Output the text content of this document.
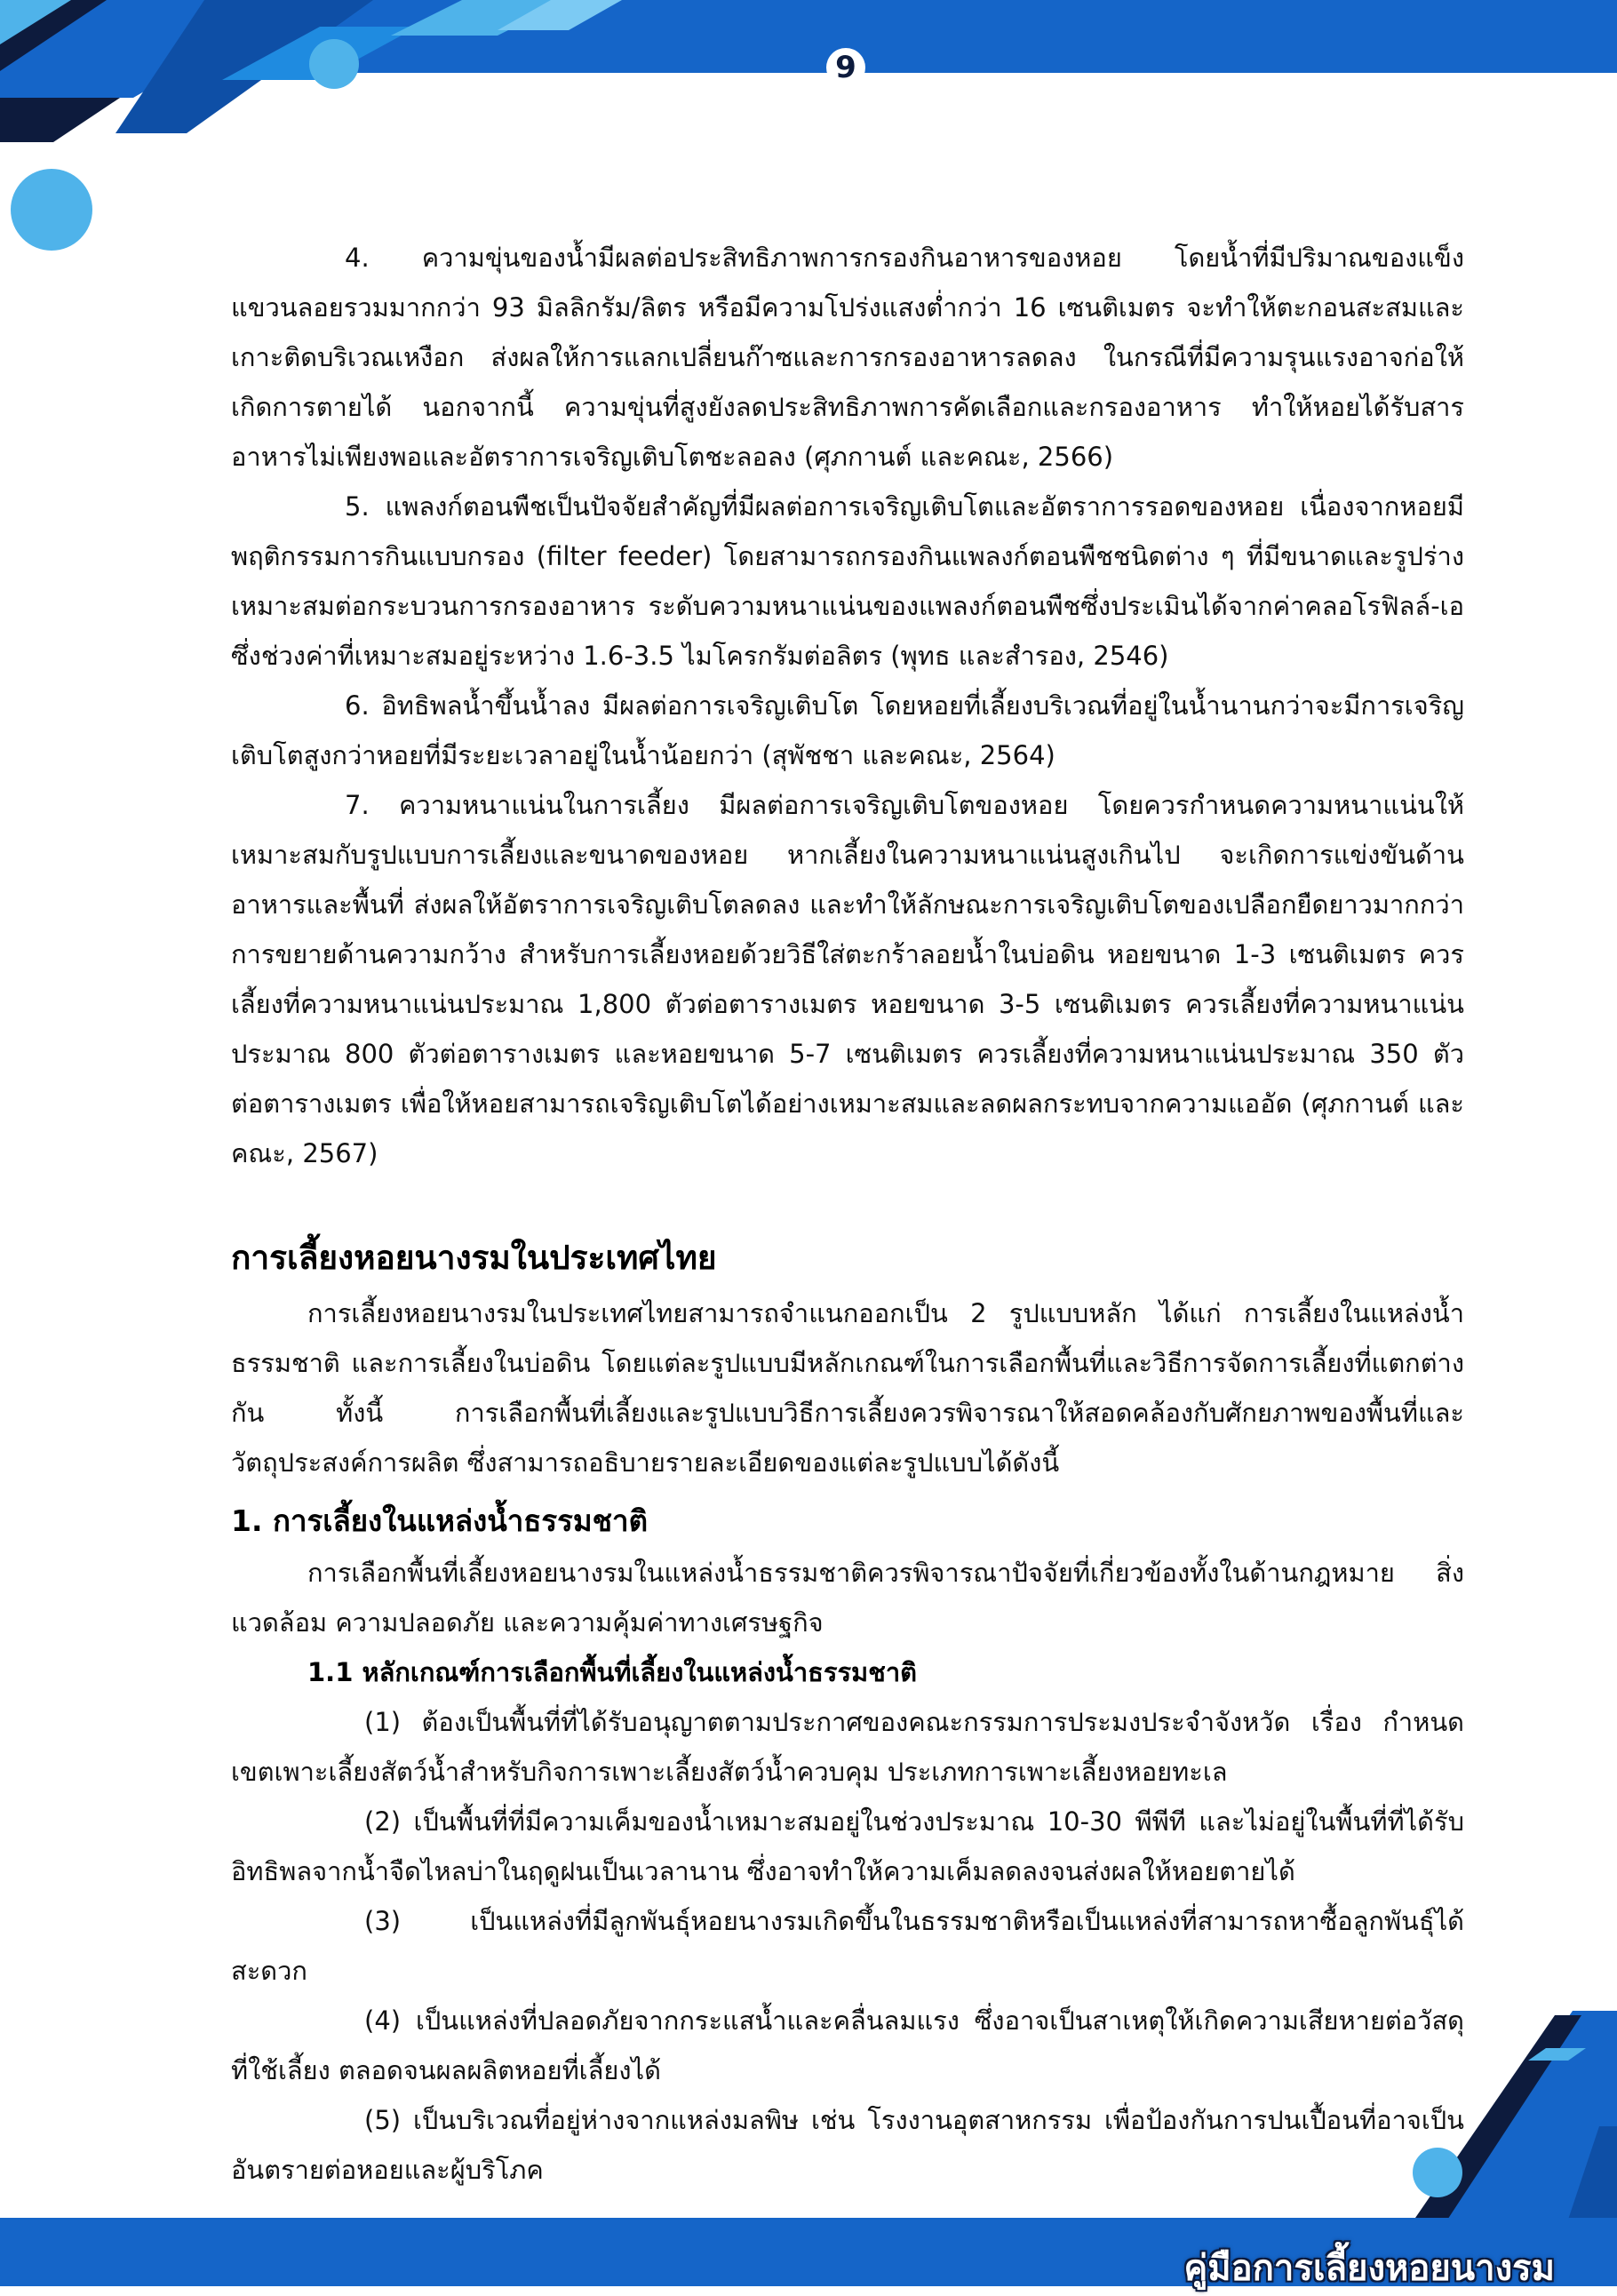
9

4. ความขุ่นของน้ำมีผลต่อประสิทธิภาพการกรองกินอาหารของหอย โดยน้ำที่มีปริมาณของแข็งแขวนลอยรวมมากกว่า 93 มิลลิกรัม/ลิตร หรือมีความโปร่งแสงต่ำกว่า 16 เซนติเมตร จะทำให้ตะกอนสะสมและเกาะติดบริเวณเหงือก ส่งผลให้การแลกเปลี่ยนก๊าซและการกรองอาหารลดลง ในกรณีที่มีความรุนแรงอาจก่อให้เกิดการตายได้ นอกจากนี้ ความขุ่นที่สูงยังลดประสิทธิภาพการคัดเลือกและกรองอาหาร ทำให้หอยได้รับสารอาหารไม่เพียงพอและอัตราการเจริญเติบโตชะลอลง (ศุภกานต์ และคณะ, 2566)

5. แพลงก์ตอนพืชเป็นปัจจัยสำคัญที่มีผลต่อการเจริญเติบโตและอัตราการรอดของหอย เนื่องจากหอยมีพฤติกรรมการกินแบบกรอง (filter feeder) โดยสามารถกรองกินแพลงก์ตอนพืชชนิดต่าง ๆ ที่มีขนาดและรูปร่างเหมาะสมต่อกระบวนการกรองอาหาร ระดับความหนาแน่นของแพลงก์ตอนพืชซึ่งประเมินได้จากค่าคลอโรฟิลล์-เอ ซึ่งช่วงค่าที่เหมาะสมอยู่ระหว่าง 1.6-3.5 ไมโครกรัมต่อลิตร (พุทธ และสำรอง, 2546)

6. อิทธิพลน้ำขึ้นน้ำลง มีผลต่อการเจริญเติบโต โดยหอยที่เลี้ยงบริเวณที่อยู่ในน้ำนานกว่าจะมีการเจริญเติบโตสูงกว่าหอยที่มีระยะเวลาอยู่ในน้ำน้อยกว่า (สุพัชชา และคณะ, 2564)

7. ความหนาแน่นในการเลี้ยง มีผลต่อการเจริญเติบโตของหอย โดยควรกำหนดความหนาแน่นให้เหมาะสมกับรูปแบบการเลี้ยงและขนาดของหอย หากเลี้ยงในความหนาแน่นสูงเกินไป จะเกิดการแข่งขันด้านอาหารและพื้นที่ ส่งผลให้อัตราการเจริญเติบโตลดลง และทำให้ลักษณะการเจริญเติบโตของเปลือกยืดยาวมากกว่าการขยายด้านความกว้าง สำหรับการเลี้ยงหอยด้วยวิธีใส่ตะกร้าลอยน้ำในบ่อดิน หอยขนาด 1-3 เซนติเมตร ควรเลี้ยงที่ความหนาแน่นประมาณ 1,800 ตัวต่อตารางเมตร หอยขนาด 3-5 เซนติเมตร ควรเลี้ยงที่ความหนาแน่นประมาณ 800 ตัวต่อตารางเมตร และหอยขนาด 5-7 เซนติเมตร ควรเลี้ยงที่ความหนาแน่นประมาณ 350 ตัวต่อตารางเมตร เพื่อให้หอยสามารถเจริญเติบโตได้อย่างเหมาะสมและลดผลกระทบจากความแออัด (ศุภกานต์ และคณะ, 2567)

การเลี้ยงหอยนางรมในประเทศไทย

การเลี้ยงหอยนางรมในประเทศไทยสามารถจำแนกออกเป็น 2 รูปแบบหลัก ได้แก่ การเลี้ยงในแหล่งน้ำธรรมชาติ และการเลี้ยงในบ่อดิน โดยแต่ละรูปแบบมีหลักเกณฑ์ในการเลือกพื้นที่และวิธีการจัดการเลี้ยงที่แตกต่างกัน ทั้งนี้ การเลือกพื้นที่เลี้ยงและรูปแบบวิธีการเลี้ยงควรพิจารณาให้สอดคล้องกับศักยภาพของพื้นที่และวัตถุประสงค์การผลิต ซึ่งสามารถอธิบายรายละเอียดของแต่ละรูปแบบได้ดังนี้

1. การเลี้ยงในแหล่งน้ำธรรมชาติ

การเลือกพื้นที่เลี้ยงหอยนางรมในแหล่งน้ำธรรมชาติควรพิจารณาปัจจัยที่เกี่ยวข้องทั้งในด้านกฎหมาย สิ่งแวดล้อม ความปลอดภัย และความคุ้มค่าทางเศรษฐกิจ

1.1 หลักเกณฑ์การเลือกพื้นที่เลี้ยงในแหล่งน้ำธรรมชาติ

(1) ต้องเป็นพื้นที่ที่ได้รับอนุญาตตามประกาศของคณะกรรมการประมงประจำจังหวัด เรื่อง กำหนดเขตเพาะเลี้ยงสัตว์น้ำสำหรับกิจการเพาะเลี้ยงสัตว์น้ำควบคุม ประเภทการเพาะเลี้ยงหอยทะเล

(2) เป็นพื้นที่ที่มีความเค็มของน้ำเหมาะสมอยู่ในช่วงประมาณ 10-30 พีพีที และไม่อยู่ในพื้นที่ที่ได้รับอิทธิพลจากน้ำจืดไหลบ่าในฤดูฝนเป็นเวลานาน ซึ่งอาจทำให้ความเค็มลดลงจนส่งผลให้หอยตายได้

(3) เป็นแหล่งที่มีลูกพันธุ์หอยนางรมเกิดขึ้นในธรรมชาติหรือเป็นแหล่งที่สามารถหาซื้อลูกพันธุ์ได้สะดวก

(4) เป็นแหล่งที่ปลอดภัยจากกระแสน้ำและคลื่นลมแรง ซึ่งอาจเป็นสาเหตุให้เกิดความเสียหายต่อวัสดุที่ใช้เลี้ยง ตลอดจนผลผลิตหอยที่เลี้ยงได้

(5) เป็นบริเวณที่อยู่ห่างจากแหล่งมลพิษ เช่น โรงงานอุตสาหกรรม เพื่อป้องกันการปนเปื้อนที่อาจเป็นอันตรายต่อหอยและผู้บริโภค

คู่มือการเลี้ยงหอยนางรม
